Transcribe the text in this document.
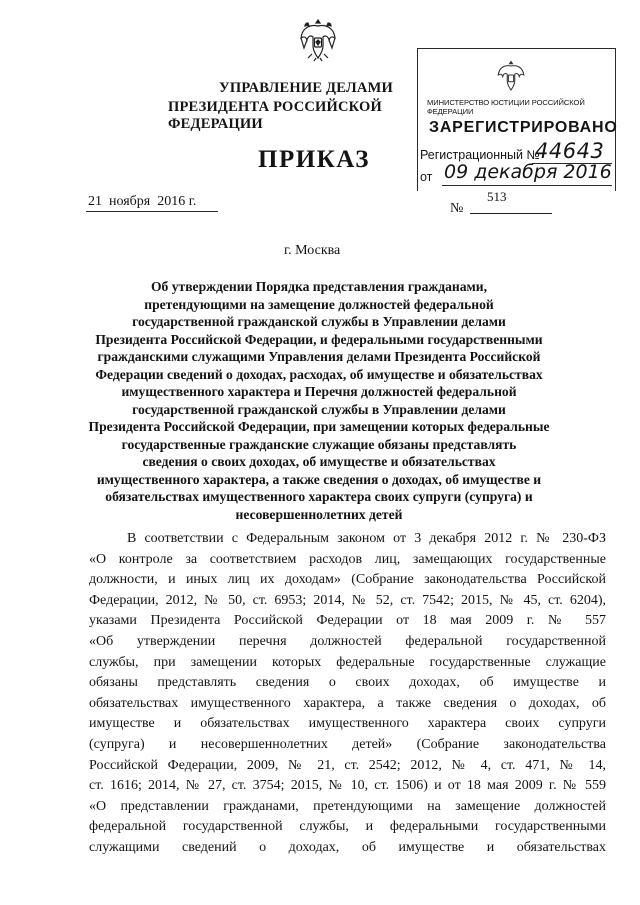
УПРАВЛЕНИЕ ДЕЛАМИ
ПРЕЗИДЕНТА РОССИЙСКОЙ ФЕДЕРАЦИИ
ПРИКАЗ
21 ноября 2016 г.	№
513
г. Москва
МИНИСТЕРСТВО ЮСТИЦИИ РОССИЙСКОЙ ФЕДЕРАЦИИ
ЗАРЕГИСТРИРОВАНО
Регистрационный №
44643
от 09 декабря 2016
Об утверждении Порядка представления гражданами,
претендующими на замещение должностей федеральной
государственной гражданской службы в Управлении делами
Президента Российской Федерации, и федеральными государственными
гражданскими служащими Управления делами Президента Российской
Федерации сведений о доходах, расходах, об имуществе и обязательствах
имущественного характера и Перечня должностей федеральной
государственной гражданской службы в Управлении делами
Президента Российской Федерации, при замещении которых федеральные
государственные гражданские служащие обязаны представлять
сведения о своих доходах, об имуществе и обязательствах
имущественного характера, а также сведения о доходах, об имуществе и
обязательствах имущественного характера своих супруги (супруга) и
несовершеннолетних детей
В соответствии с Федеральным законом от 3 декабря 2012 г. № 230-ФЗ
«О контроле за соответствием расходов лиц, замещающих государственные
должности, и иных лиц их доходам» (Собрание законодательства Российской
Федерации, 2012, № 50, ст. 6953; 2014, № 52, ст. 7542; 2015, № 45, ст. 6204),
указами Президента Российской Федерации от 18 мая 2009 г. № 557
«Об утверждении перечня должностей федеральной государственной
службы, при замещении которых федеральные государственные служащие
обязаны представлять сведения о своих доходах, об имуществе и
обязательствах имущественного характера, а также сведения о доходах, об
имуществе и обязательствах имущественного характера своих супруги
(супруга) и несовершеннолетних детей» (Собрание законодательства
Российской Федерации, 2009, № 21, ст. 2542; 2012, № 4, ст. 471, № 14,
ст. 1616; 2014, № 27, ст. 3754; 2015, № 10, ст. 1506) и от 18 мая 2009 г. № 559
«О представлении гражданами, претендующими на замещение должностей
федеральной государственной службы, и федеральными государственными
служащими сведений о доходах, об имуществе и обязательствах
